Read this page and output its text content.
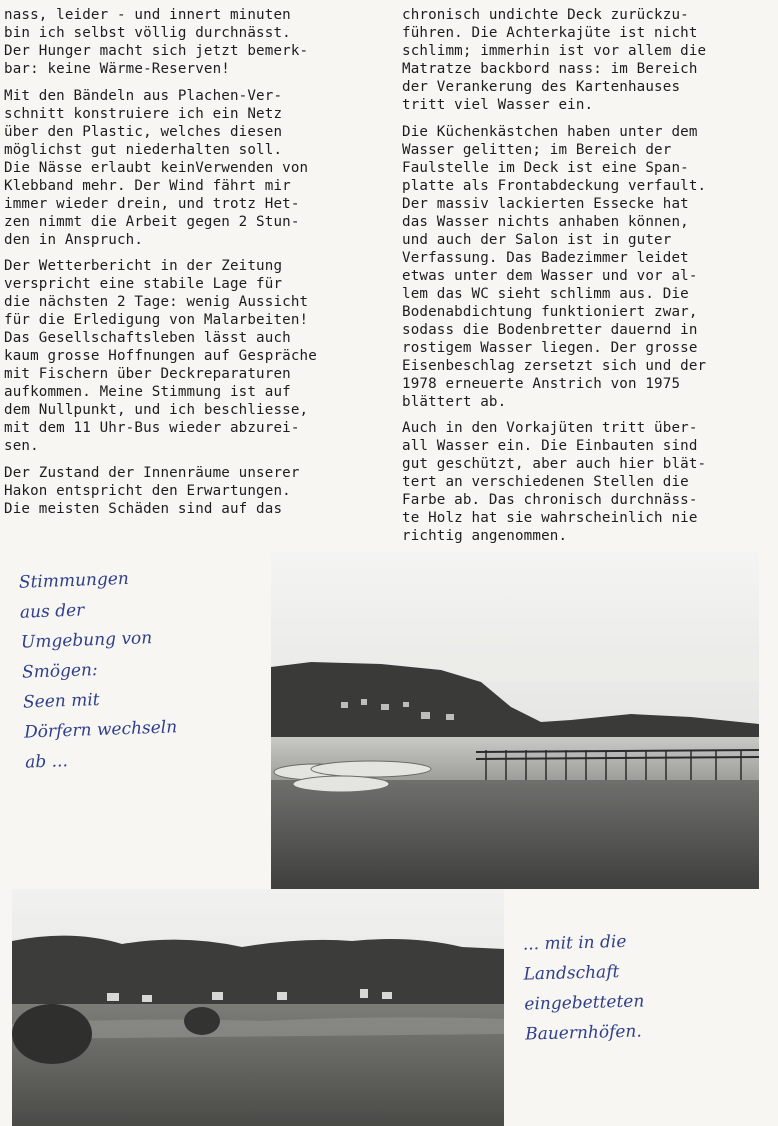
nass, leider - und innert minuten
bin ich selbst völlig durchnässt.
Der Hunger macht sich jetzt bemerk-
bar: keine Wärme-Reserven!

Mit den Bändeln aus Plachen-Ver-
schnitt konstruiere ich ein Netz
über den Plastic, welches diesen
möglichst gut niederhalten soll.
Die Nässe erlaubt keinVerwenden von
Klebband mehr. Der Wind fährt mir
immer wieder drein, und trotz Het-
zen nimmt die Arbeit gegen 2 Stun-
den in Anspruch.

Der Wetterbericht in der Zeitung
verspricht eine stabile Lage für
die nächsten 2 Tage: wenig Aussicht
für die Erledigung von Malarbeiten!
Das Gesellschaftsleben lässt auch
kaum grosse Hoffnungen auf Gespräche
mit Fischern über Deckreparaturen
aufkommen. Meine Stimmung ist auf
dem Nullpunkt, und ich beschliesse,
mit dem 11 Uhr-Bus wieder abzurei-
sen.

Der Zustand der Innenräume unserer
Hakon entspricht den Erwartungen.
Die meisten Schäden sind auf das

chronisch undichte Deck zurückzu-
führen. Die Achterkajüte ist nicht
schlimm; immerhin ist vor allem die
Matratze backbord nass: im Bereich
der Verankerung des Kartenhauses
tritt viel Wasser ein.

Die Küchenkästchen haben unter dem
Wasser gelitten; im Bereich der
Faulstelle im Deck ist eine Span-
platte als Frontabdeckung verfault.
Der massiv lackierten Essecke hat
das Wasser nichts anhaben können,
und auch der Salon ist in guter
Verfassung. Das Badezimmer leidet
etwas unter dem Wasser und vor al-
lem das WC sieht schlimm aus. Die
Bodenabdichtung funktioniert zwar,
sodass die Bodenbretter dauernd in
rostigem Wasser liegen. Der grosse
Eisenbeschlag zersetzt sich und der
1978 erneuerte Anstrich von 1975
blättert ab.

Auch in den Vorkajüten tritt über-
all Wasser ein. Die Einbauten sind
gut geschützt, aber auch hier blät-
tert an verschiedenen Stellen die
Farbe ab. Das chronisch durchnäss-
te Holz hat sie wahrscheinlich nie
richtig angenommen.

Stimmungen
aus der
Umgebung von
Smögen:
Seen mit
Dörfern wechseln
ab ...
... mit in die
Landschaft
eingebetteten
Bauernhöfen.
